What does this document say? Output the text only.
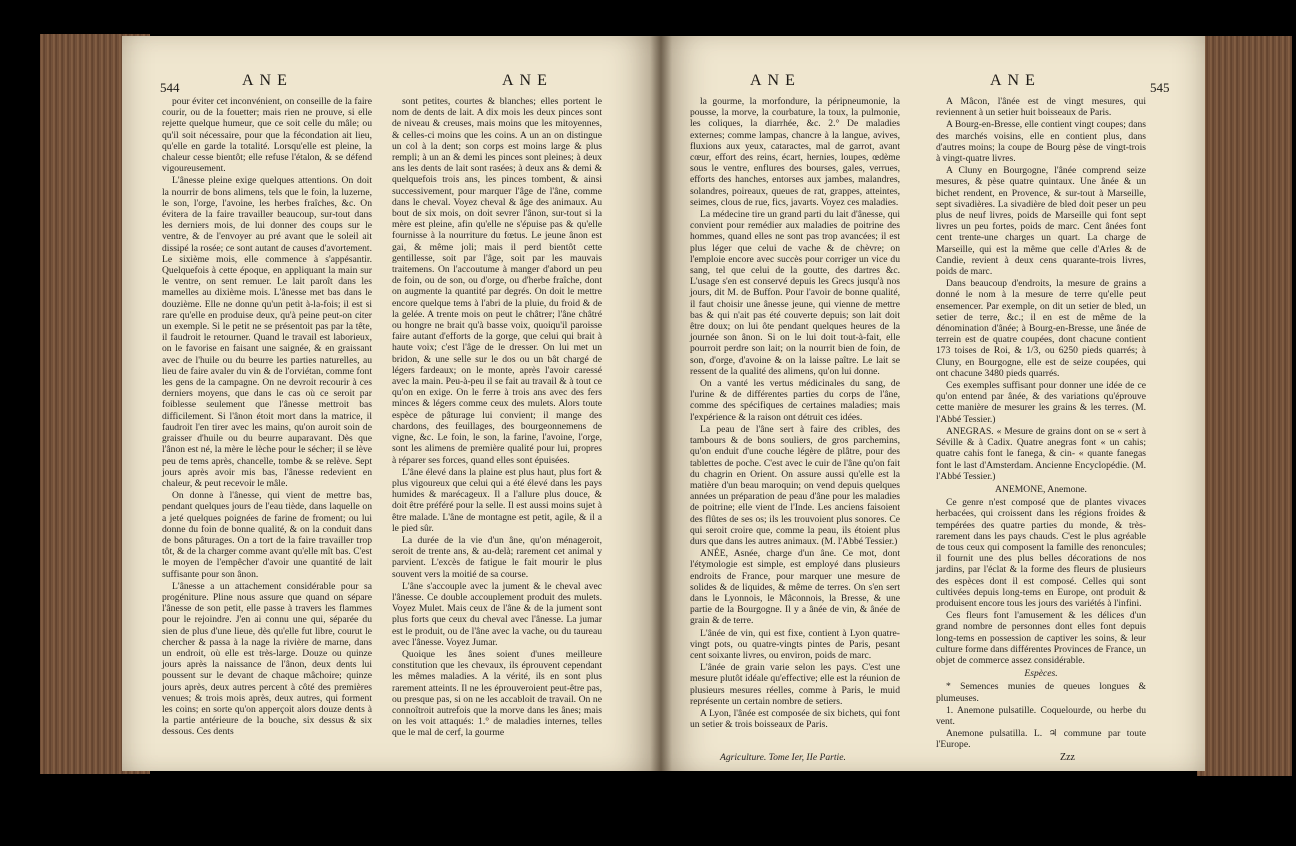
544	ANE	ANE

pour éviter cet inconvénient, on conseille de la faire courir, ou de la fouetter; mais rien ne prouve, si elle rejette quelque humeur, que ce soit celle du mâle; ou qu'il soit nécessaire, pour que la fécondation ait lieu, qu'elle en garde la totalité. Lorsqu'elle est pleine, la chaleur cesse bientôt; elle refuse l'étalon, & se défend vigoureusement.

L'ânesse pleine exige quelques attentions. On doit la nourrir de bons alimens, tels que le foin, la luzerne, le son, l'orge, l'avoine, les herbes fraîches, &c. On évitera de la faire travailler beaucoup, sur-tout dans les derniers mois, de lui donner des coups sur le ventre, & de l'envoyer au pré avant que le soleil ait dissipé la rosée; ce sont autant de causes d'avortement. Le sixième mois, elle commence à s'appésantir. Quelquefois à cette époque, en appliquant la main sur le ventre, on sent remuer. Le lait paroît dans les mamelles au dixième mois. L'ânesse met bas dans le douzième. Elle ne donne qu'un petit à-la-fois; il est si rare qu'elle en produise deux, qu'à peine peut-on citer un exemple. Si le petit ne se présentoit pas par la tête, il faudroit le retourner. Quand le travail est laborieux, on le favorise en faisant une saignée, & en graissant avec de l'huile ou du beurre les parties naturelles, au lieu de faire avaler du vin & de l'orviétan, comme font les gens de la campagne. On ne devroit recourir à ces derniers moyens, que dans le cas où ce seroit par foiblesse seulement que l'ânesse mettroit bas difficilement. Si l'ânon étoit mort dans la matrice, il faudroit l'en tirer avec les mains, qu'on auroit soin de graisser d'huile ou du beurre auparavant. Dès que l'ânon est né, la mère le lèche pour le sécher; il se lève peu de tems après, chancelle, tombe & se relève. Sept jours après avoir mis bas, l'ânesse redevient en chaleur, & peut recevoir le mâle.

On donne à l'ânesse, qui vient de mettre bas, pendant quelques jours de l'eau tiède, dans laquelle on a jeté quelques poignées de farine de froment; ou lui donne du foin de bonne qualité, & on la conduit dans de bons pâturages. On a tort de la faire travailler trop tôt, & de la charger comme avant qu'elle mît bas. C'est le moyen de l'empêcher d'avoir une quantité de lait suffisante pour son ânon.

L'ânesse a un attachement considérable pour sa progéniture. Pline nous assure que quand on sépare l'ânesse de son petit, elle passe à travers les flammes pour le rejoindre. J'en ai connu une qui, séparée du sien de plus d'une lieue, dès qu'elle fut libre, courut le chercher & passa à la nage la rivière de marne, dans un endroit, où elle est très-large. Douze ou quinze jours après la naissance de l'ânon, deux dents lui poussent sur le devant de chaque mâchoire; quinze jours après, deux autres percent à côté des premières venues; & trois mois après, deux autres, qui forment les coins; en sorte qu'on apperçoit alors douze dents à la partie antérieure de la bouche, six dessus & six dessous. Ces dents

sont petites, courtes & blanches; elles portent le nom de dents de lait. A dix mois les deux pinces sont de niveau & creuses, mais moins que les mitoyennes, & celles-ci moins que les coins. A un an on distingue un col à la dent; son corps est moins large & plus rempli; à un an & demi les pinces sont pleines; à deux ans les dents de lait sont rasées; à deux ans & demi & quelquefois trois ans, les pinces tombent, & ainsi successivement, pour marquer l'âge de l'âne, comme dans le cheval. Voyez cheval & âge des animaux. Au bout de six mois, on doit sevrer l'ânon, sur-tout si la mère est pleine, afin qu'elle ne s'épuise pas & qu'elle fournisse à la nourriture du fœtus. Le jeune ânon est gai, & même joli; mais il perd bientôt cette gentillesse, soit par l'âge, soit par les mauvais traitemens. On l'accoutume à manger d'abord un peu de foin, ou de son, ou d'orge, ou d'herbe fraîche, dont on augmente la quantité par degrés. On doit le mettre encore quelque tems à l'abri de la pluie, du froid & de la gelée. A trente mois on peut le châtrer; l'âne châtré ou hongre ne brait qu'à basse voix, quoiqu'il paroisse faire autant d'efforts de la gorge, que celui qui brait à haute voix; c'est l'âge de le dresser. On lui met un bridon, & une selle sur le dos ou un bât chargé de légers fardeaux; on le monte, après l'avoir caressé avec la main. Peu-à-peu il se fait au travail & à tout ce qu'on en exige. On le ferre à trois ans avec des fers minces & légers comme ceux des mulets. Alors toute espèce de pâturage lui convient; il mange des chardons, des feuillages, des bourgeonnemens de vigne, &c. Le foin, le son, la farine, l'avoine, l'orge, sont les alimens de première qualité pour lui, propres à réparer ses forces, quand elles sont épuisées.

L'âne élevé dans la plaine est plus haut, plus fort & plus vigoureux que celui qui a été élevé dans les pays humides & marécageux. Il a l'allure plus douce, & doit être préféré pour la selle. Il est aussi moins sujet à être malade. L'âne de montagne est petit, agile, & il a le pied sûr.

La durée de la vie d'un âne, qu'on ménageroit, seroit de trente ans, & au-delà; rarement cet animal y parvient. L'excès de fatigue le fait mourir le plus souvent vers la moitié de sa course.

L'âne s'accouple avec la jument & le cheval avec l'ânesse. Ce double accouplement produit des mulets. Voyez Mulet. Mais ceux de l'âne & de la jument sont plus forts que ceux du cheval avec l'ânesse. La jumar est le produit, ou de l'âne avec la vache, ou du taureau avec l'ânesse. Voyez Jumar.

Quoique les ânes soient d'unes meilleure constitution que les chevaux, ils éprouvent cependant les mêmes maladies. A la vérité, ils en sont plus rarement atteints. Il ne les éprouveroient peut-être pas, ou presque pas, si on ne les accabloit de travail. On ne connoîtroit autrefois que la morve dans les ânes; mais on les voit attaqués: 1.° de maladies internes, telles que le mal de cerf, la gourme

ANE	ANE	545

la gourme, la morfondure, la péripneumonie, la pousse, la morve, la courbature, la toux, la pulmonie, les coliques, la diarrhée, &c. 2.° De maladies externes; comme lampas, chancre à la langue, avives, fluxions aux yeux, cataractes, mal de garrot, avant cœur, effort des reins, écart, hernies, loupes, œdème sous le ventre, enflures des bourses, gales, verrues, efforts des hanches, entorses aux jambes, malandres, solandres, poireaux, queues de rat, grappes, atteintes, seimes, clous de rue, fics, javarts. Voyez ces maladies.

La médecine tire un grand parti du lait d'ânesse, qui convient pour remédier aux maladies de poitrine des hommes, quand elles ne sont pas trop avancées; il est plus léger que celui de vache & de chèvre; on l'emploie encore avec succès pour corriger un vice du sang, tel que celui de la goutte, des dartres &c. L'usage s'en est conservé depuis les Grecs jusqu'à nos jours, dit M. de Buffon. Pour l'avoir de bonne qualité, il faut choisir une ânesse jeune, qui vienne de mettre bas & qui n'ait pas été couverte depuis; son lait doit être doux; on lui ôte pendant quelques heures de la journée son ânon. Si on le lui doit tout-à-fait, elle pourroit perdre son lait; on la nourrit bien de foin, de son, d'orge, d'avoine & on la laisse paître. Le lait se ressent de la qualité des alimens, qu'on lui donne.

On a vanté les vertus médicinales du sang, de l'urine & de différentes parties du corps de l'âne, comme des spécifiques de certaines maladies; mais l'expérience & la raison ont détruit ces idées.

La peau de l'âne sert à faire des cribles, des tambours & de bons souliers, de gros parchemins, qu'on enduit d'une couche légère de plâtre, pour des tablettes de poche. C'est avec le cuir de l'âne qu'on fait du chagrin en Orient. On assure aussi qu'elle est la matière d'un beau maroquin; on vend depuis quelques années un préparation de peau d'âne pour les maladies de poitrine; elle vient de l'Inde. Les anciens faisoient des flûtes de ses os; ils les trouvoient plus sonores. Ce qui seroit croire que, comme la peau, ils étoient plus durs que dans les autres animaux. (M. l'Abbé Tessier.)

ANÉE, Asnée, charge d'un âne. Ce mot, dont l'étymologie est simple, est employé dans plusieurs endroits de France, pour marquer une mesure de solides & de liquides, & même de terres. On s'en sert dans le Lyonnois, le Mâconnois, la Bresse, & une partie de la Bourgogne. Il y a ânée de vin, & ânée de grain & de terre.

L'ânée de vin, qui est fixe, contient à Lyon quatre-vingt pots, ou quatre-vingts pintes de Paris, pesant cent soixante livres, ou environ, poids de marc.

L'ânée de grain varie selon les pays. C'est une mesure plutôt idéale qu'effective; elle est la réunion de plusieurs mesures réelles, comme à Paris, le muid représente un certain nombre de setiers.

A Lyon, l'ânée est composée de six bichets, qui font un setier & trois boisseaux de Paris.

A Mâcon, l'ânée est de vingt mesures, qui reviennent à un setier huit boisseaux de Paris.

A Bourg-en-Bresse, elle contient vingt coupes; dans des marchés voisins, elle en contient plus, dans d'autres moins; la coupe de Bourg pèse de vingt-trois à vingt-quatre livres.

A Cluny en Bourgogne, l'ânée comprend seize mesures, & pèse quatre quintaux. Une ânée & un bichet rendent, en Provence, & sur-tout à Marseille, sept sivadières. La sivadière de bled doit peser un peu plus de neuf livres, poids de Marseille qui font sept livres un peu fortes, poids de marc. Cent ânées font cent trente-une charges un quart. La charge de Marseille, qui est la même que celle d'Arles & de Candie, revient à deux cens quarante-trois livres, poids de marc.

Dans beaucoup d'endroits, la mesure de grains a donné le nom à la mesure de terre qu'elle peut ensemencer. Par exemple, on dit un setier de bled, un setier de terre, &c.; il en est de même de la dénomination d'ânée; à Bourg-en-Bresse, une ânée de terrein est de quatre coupées, dont chacune contient 173 toises de Roi, & 1/3, ou 6250 pieds quarrés; à Cluny, en Bourgogne, elle est de seize coupées, qui ont chacune 3480 pieds quarrés.

Ces exemples suffisant pour donner une idée de ce qu'on entend par ânée, & des variations qu'éprouve cette manière de mesurer les grains & les terres. (M. l'Abbé Tessier.)

ANEGRAS. « Mesure de grains dont on se « sert à Séville & à Cadix. Quatre anegras font « un cahis; quatre cahis font le fanega, & cin- « quante fanegas font le last d'Amsterdam. Ancienne Encyclopédie. (M. l'Abbé Tessier.)

ANEMONE, Anemone.

Ce genre n'est composé que de plantes vivaces herbacées, qui croissent dans les régions froides & tempérées des quatre parties du monde, & très-rarement dans les pays chauds. C'est le plus agréable de tous ceux qui composent la famille des renoncules; il fournit une des plus belles décorations de nos jardins, par l'éclat & la forme des fleurs de plusieurs des espèces dont il est composé. Celles qui sont cultivées depuis long-tems en Europe, ont produit & produisent encore tous les jours des variétés à l'infini.

Ces fleurs font l'amusement & les délices d'un grand nombre de personnes dont elles font depuis long-tems en possession de captiver les soins, & leur culture forme dans différentes Provinces de France, un objet de commerce assez considérable.

Espèces.

* Semences munies de queues longues & plumeuses.

1. Anemone pulsatille. Coquelourde, ou herbe du vent.

Anemone pulsatilla. L. ♃ commune par toute l'Europe.

Agriculture. Tome Ier, IIe Partie.	Zzz
